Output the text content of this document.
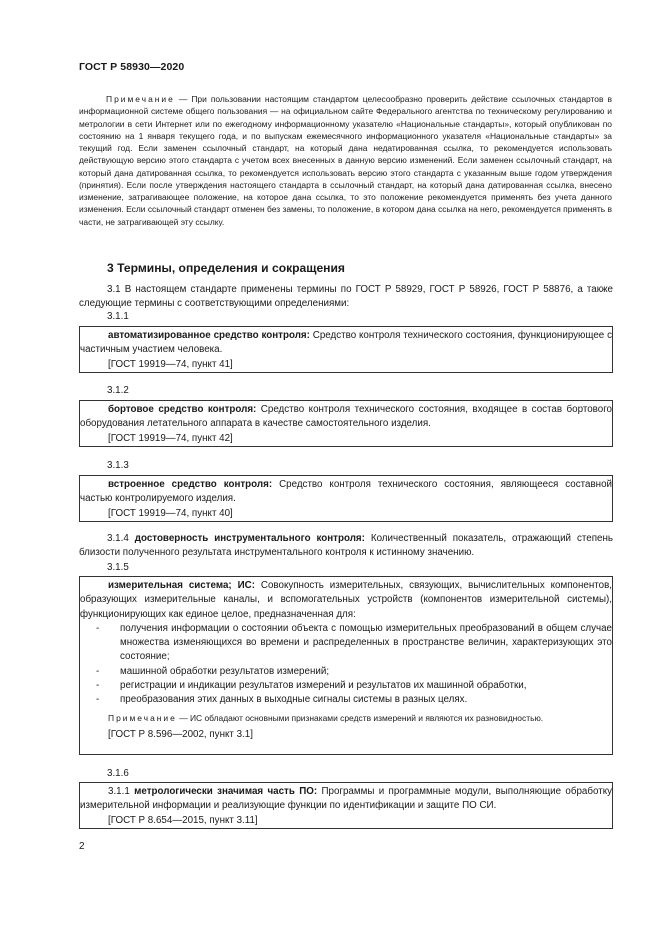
ГОСТ Р 58930—2020

Примечание — При пользовании настоящим стандартом целесообразно проверить действие ссылочных стандартов в информационной системе общего пользования — на официальном сайте Федерального агентства по техническому регулированию и метрологии в сети Интернет или по ежегодному информационному указателю «Национальные стандарты», который опубликован по состоянию на 1 января текущего года, и по выпускам ежемесячного информационного указателя «Национальные стандарты» за текущий год. Если заменен ссылочный стандарт, на который дана недатированная ссылка, то рекомендуется использовать действующую версию этого стандарта с учетом всех внесенных в данную версию изменений. Если заменен ссылочный стандарт, на который дана датированная ссылка, то рекомендуется использовать версию этого стандарта с указанным выше годом утверждения (принятия). Если после утверждения настоящего стандарта в ссылочный стандарт, на который дана датированная ссылка, внесено изменение, затрагивающее положение, на которое дана ссылка, то это положение рекомендуется применять без учета данного изменения. Если ссылочный стандарт отменен без замены, то положение, в котором дана ссылка на него, рекомендуется применять в части, не затрагивающей эту ссылку.

3 Термины, определения и сокращения

3.1 В настоящем стандарте применены термины по ГОСТ Р 58929, ГОСТ Р 58926, ГОСТ Р 58876, а также следующие термины с соответствующими определениями:

3.1.1

автоматизированное средство контроля: Средство контроля технического состояния, функционирующее с частичным участием человека.

[ГОСТ 19919—74, пункт 41]

3.1.2

бортовое средство контроля: Средство контроля технического состояния, входящее в состав бортового оборудования летательного аппарата в качестве самостоятельного изделия.

[ГОСТ 19919—74, пункт 42]

3.1.3

встроенное средство контроля: Средство контроля технического состояния, являющееся составной частью контролируемого изделия.

[ГОСТ 19919—74, пункт 40]

3.1.4 достоверность инструментального контроля: Количественный показатель, отражающий степень близости полученного результата инструментального контроля к истинному значению.

3.1.5

измерительная система; ИС: Совокупность измерительных, связующих, вычислительных компонентов, образующих измерительные каналы, и вспомогательных устройств (компонентов измерительной системы), функционирующих как единое целое, предназначенная для:

- получения информации о состоянии объекта с помощью измерительных преобразований в общем случае множества изменяющихся во времени и распределенных в пространстве величин, характеризующих это состояние;

- машинной обработки результатов измерений;

- регистрации и индикации результатов измерений и результатов их машинной обработки,

- преобразования этих данных в выходные сигналы системы в разных целях.

Примечание — ИС обладают основными признаками средств измерений и являются их разновидностью.

[ГОСТ Р 8.596—2002, пункт 3.1]

3.1.6

3.1.1 метрологически значимая часть ПО: Программы и программные модули, выполняющие обработку измерительной информации и реализующие функции по идентификации и защите ПО СИ.

[ГОСТ Р 8.654—2015, пункт 3.11]

2
